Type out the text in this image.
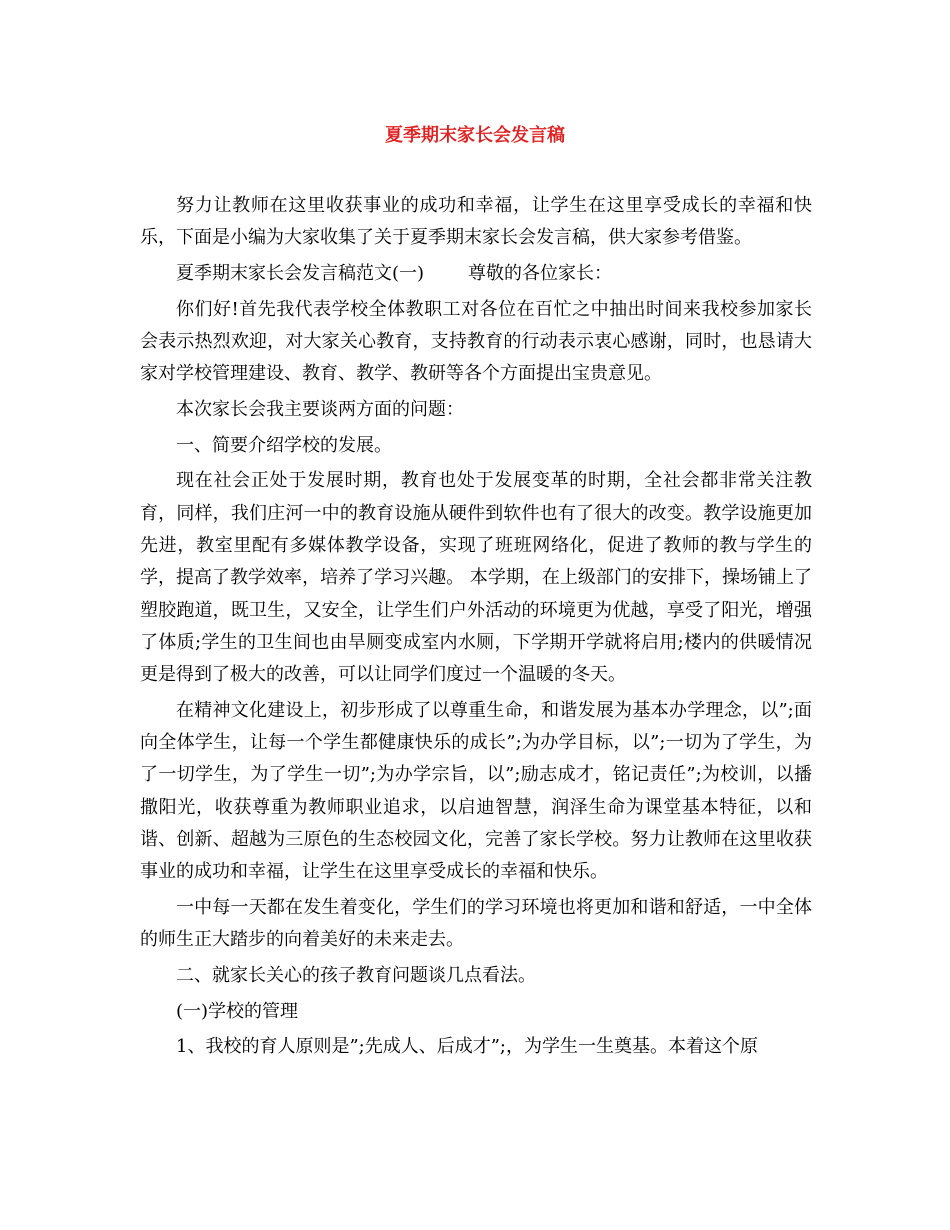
夏季期末家长会发言稿

努力让教师在这里收获事业的成功和幸福，让学生在这里享受成长的幸福和快乐，下面是小编为大家收集了关于夏季期末家长会发言稿，供大家参考借鉴。

夏季期末家长会发言稿范文(一) 尊敬的各位家长：

你们好!首先我代表学校全体教职工对各位在百忙之中抽出时间来我校参加家长会表示热烈欢迎，对大家关心教育，支持教育的行动表示衷心感谢，同时，也恳请大家对学校管理建设、教育、教学、教研等各个方面提出宝贵意见。

本次家长会我主要谈两方面的问题：

一、简要介绍学校的发展。

现在社会正处于发展时期，教育也处于发展变革的时期，全社会都非常关注教育，同样，我们庄河一中的教育设施从硬件到软件也有了很大的改变。教学设施更加先进，教室里配有多媒体教学设备，实现了班班网络化，促进了教师的教与学生的学，提高了教学效率，培养了学习兴趣。 本学期，在上级部门的安排下，操场铺上了塑胶跑道，既卫生，又安全，让学生们户外活动的环境更为优越，享受了阳光，增强了体质;学生的卫生间也由旱厕变成室内水厕，下学期开学就将启用;楼内的供暖情况更是得到了极大的改善，可以让同学们度过一个温暖的冬天。

在精神文化建设上，初步形成了以尊重生命，和谐发展为基本办学理念，以”;面向全体学生，让每一个学生都健康快乐的成长”;为办学目标，以”;一切为了学生，为了一切学生，为了学生一切”;为办学宗旨，以”;励志成才，铭记责任”;为校训，以播撒阳光，收获尊重为教师职业追求，以启迪智慧，润泽生命为课堂基本特征，以和谐、创新、超越为三原色的生态校园文化，完善了家长学校。努力让教师在这里收获事业的成功和幸福，让学生在这里享受成长的幸福和快乐。

一中每一天都在发生着变化，学生们的学习环境也将更加和谐和舒适，一中全体的师生正大踏步的向着美好的未来走去。

二、就家长关心的孩子教育问题谈几点看法。

(一)学校的管理

1、我校的育人原则是”;先成人、后成才”;，为学生一生奠基。本着这个原
